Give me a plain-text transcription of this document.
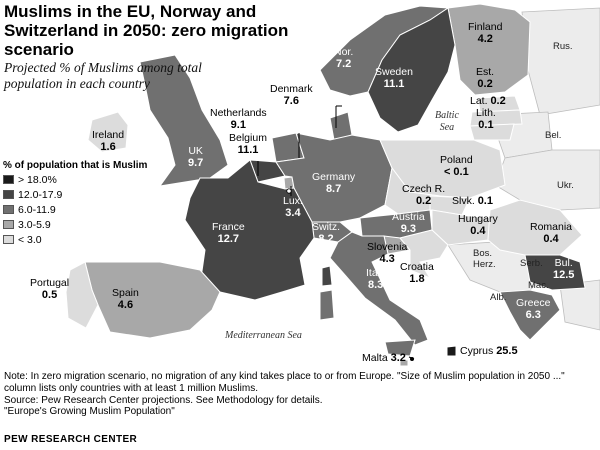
Muslims in the EU, Norway and Switzerland in 2050: zero migration scenario
Projected % of Muslims among total population in each country
% of population that is Muslim
> 18.0%
12.0-17.9
6.0-11.9
3.0-5.9
< 3.0
Finland
4.2
Nor.
7.2
Sweden
11.1
Est.
0.2
Lat. 0.2
Lith.
0.1
Denmark
7.6
Netherlands
9.1
Ireland
1.6	UK
9.7
Belgium
11.1
Poland
< 0.1
Germany
8.7	Czech R.
0.2	Slvk. 0.1
Lux.
3.4
France
12.7
Switz.
8.2
Austria
9.3
Hungary
0.4	Romania
0.4
Slovenia
4.3
Croatia
1.8
Italy
8.3
Bul.
12.5
Portugal
0.5	Spain
4.6	Greece
6.3
Malta 3.2
Cyprus 25.5
Rus.
Bel.
Ukr.
Serb.
Bos.
Herz.
Mac.
Alb.
Baltic
Sea
Mediterranean Sea
Note: In zero migration scenario, no migration of any kind takes place to or from Europe. "Size of Muslim population in 2050 ..." column lists only countries with at least 1 million Muslims.
Source: Pew Research Center projections. See Methodology for details.
"Europe's Growing Muslim Population"
PEW RESEARCH CENTER
